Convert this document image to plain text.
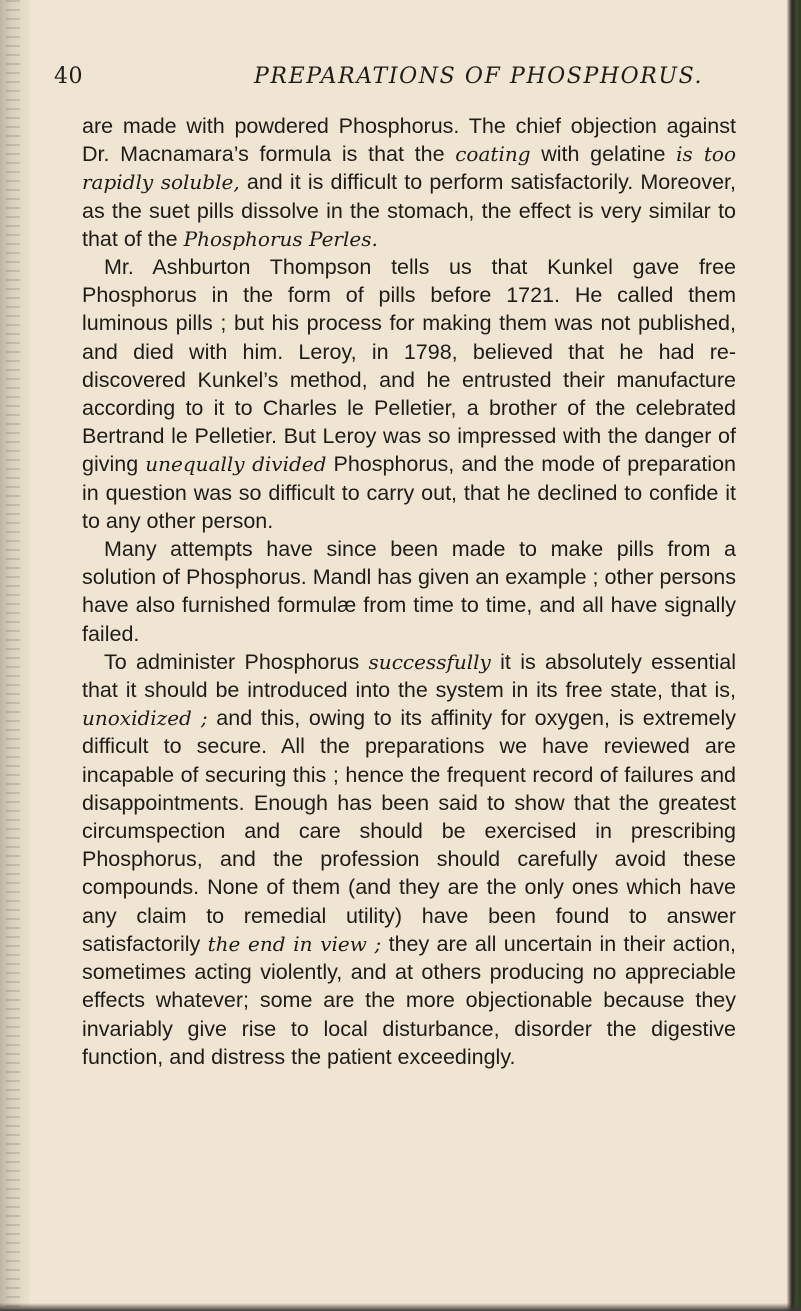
40	PREPARATIONS OF PHOSPHORUS.

are made with powdered Phosphorus. The chief objection against Dr. Macnamara’s formula is that the coating with gelatine is too rapidly soluble, and it is difficult to perform satisfactorily. Moreover, as the suet pills dissolve in the stomach, the effect is very similar to that of the Phosphorus Perles.

Mr. Ashburton Thompson tells us that Kunkel gave free Phosphorus in the form of pills before 1721. He called them luminous pills ; but his process for making them was not published, and died with him. Leroy, in 1798, believed that he had re-discovered Kunkel’s method, and he entrusted their manufacture according to it to Charles le Pelletier, a brother of the celebrated Bertrand le Pelletier. But Leroy was so impressed with the danger of giving unequally divided Phosphorus, and the mode of preparation in question was so difficult to carry out, that he declined to confide it to any other person.

Many attempts have since been made to make pills from a solution of Phosphorus. Mandl has given an example ; other persons have also furnished formulæ from time to time, and all have signally failed.

To administer Phosphorus successfully it is absolutely essential that it should be introduced into the system in its free state, that is, unoxidized ; and this, owing to its affinity for oxygen, is extremely difficult to secure. All the preparations we have reviewed are incapable of securing this ; hence the frequent record of failures and disappointments. Enough has been said to show that the greatest circumspection and care should be exercised in prescribing Phosphorus, and the profession should carefully avoid these compounds. None of them (and they are the only ones which have any claim to remedial utility) have been found to answer satisfactorily the end in view ; they are all uncertain in their action, sometimes acting violently, and at others producing no appreciable effects whatever; some are the more objectionable because they invariably give rise to local disturbance, disorder the digestive function, and distress the patient exceedingly.
